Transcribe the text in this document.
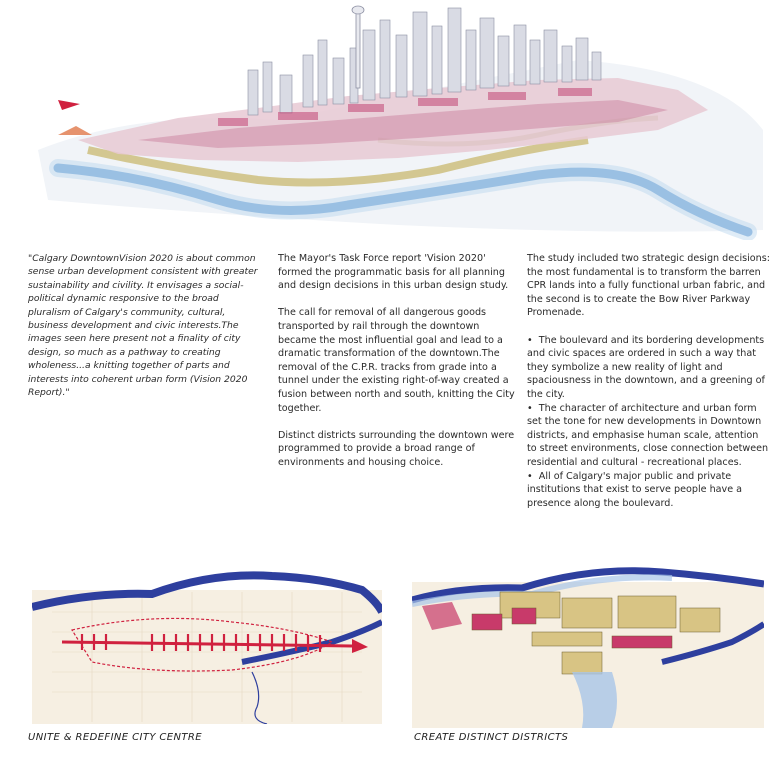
"Calgary DowntownVision 2020 is about common sense urban development consistent with greater sustainability and civility. It envisages a social-political dynamic responsive to the broad pluralism of Calgary's community, cultural, business development and civic interests.The images seen here present not a finality of city design, so much as a pathway to creating wholeness...a knitting together of parts and interests into coherent urban form (Vision 2020 Report)."

The Mayor's Task Force report 'Vision 2020' formed the programmatic basis for all planning and design decisions in this urban design study.

The call for removal of all dangerous goods transported by rail through the downtown became the most influential goal and lead to a dramatic transformation of the downtown.The removal of the C.P.R. tracks from grade into a tunnel under the existing right-of-way created a fusion between north and south, knitting the City together.

Distinct districts surrounding the downtown were programmed to provide a broad range of environments and housing choice.

The study included two strategic design decisions: the most fundamental is to transform the barren CPR lands into a fully functional urban fabric, and the second is to create the Bow River Parkway Promenade.

•  The boulevard and its bordering developments and civic spaces are ordered in such a way that they symbolize a new reality of light and spaciousness in the downtown, and a greening of the city.
•  The character of architecture and urban form set the tone for new developments in Downtown districts, and emphasise human scale, attention to street environments, close connection between residential and cultural - recreational places.
•  All of Calgary's major public and private institutions that exist to serve people have a presence along the boulevard.
UNITE & REDEFINE CITY CENTRE	CREATE DISTINCT DISTRICTS
